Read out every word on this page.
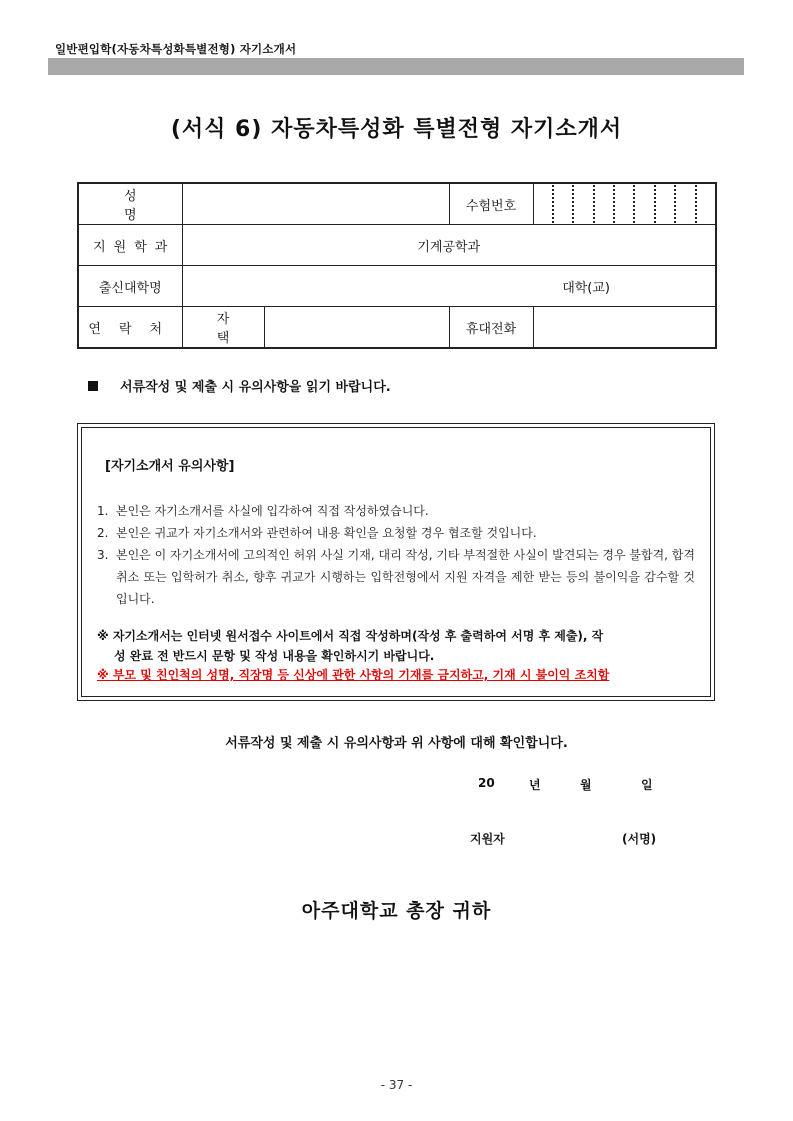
일반편입학(자동차특성화특별전형) 자기소개서
(서식 6) 자동차특성화 특별전형 자기소개서
성 명			수험번호	

지원학과	기계공학과			
출신대학명	대학(교)			
연락처	자 택		휴대전화	
서류작성 및 제출 시 유의사항을 읽기 바랍니다.
[자기소개서 유의사항]
1. 본인은 자기소개서를 사실에 입각하여 직접 작성하였습니다.
2. 본인은 귀교가 자기소개서와 관련하여 내용 확인을 요청할 경우 협조할 것입니다.
3. 본인은 이 자기소개서에 고의적인 허위 사실 기재, 대리 작성, 기타 부적절한 사실이 발견되는 경우 불합격, 합격취소 또는 입학허가 취소, 향후 귀교가 시행하는 입학전형에서 지원 자격을 제한 받는 등의 불이익을 감수할 것입니다.
※ 자기소개서는 인터넷 원서접수 사이트에서 직접 작성하며(작성 후 출력하여 서명 후 제출), 작
성 완료 전 반드시 문항 및 작성 내용을 확인하시기 바랍니다.
※ 부모 및 친인척의 성명, 직장명 등 신상에 관한 사항의 기재를 금지하고, 기재 시 불이익 조치함
서류작성 및 제출 시 유의사항과 위 사항에 대해 확인합니다.
20	년	월	일
지원자	(서명)
아주대학교 총장 귀하
- 37 -
